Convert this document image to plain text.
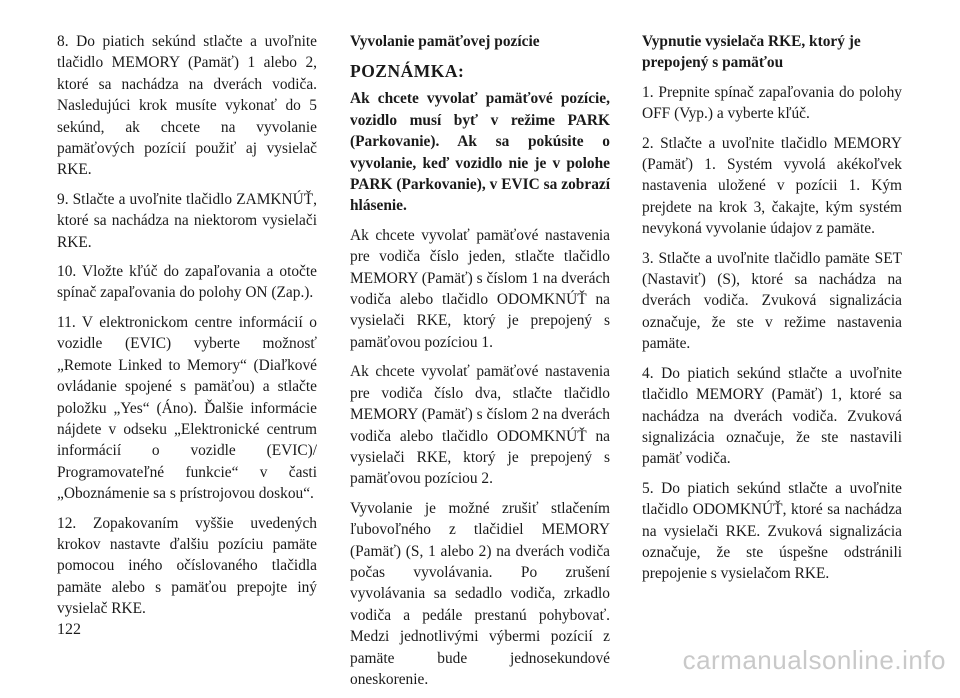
8. Do piatich sekúnd stlačte a uvoľnite tlačidlo MEMORY (Pamäť) 1 alebo 2, ktoré sa nachádza na dverách vodiča. Nasledujúci krok musíte vykonať do 5 sekúnd, ak chcete na vyvolanie pamäťových pozícií použiť aj vysielač RKE.

9. Stlačte a uvoľnite tlačidlo ZAMKNÚŤ, ktoré sa nachádza na niektorom vysielači RKE.

10. Vložte kľúč do zapaľovania a otočte spínač zapaľovania do polohy ON (Zap.).

11. V elektronickom centre informácií o vozidle (EVIC) vyberte možnosť „Remote Linked to Memory“ (Diaľkové ovládanie spojené s pamäťou) a stlačte položku „Yes“ (Áno). Ďalšie informácie nájdete v odseku „Elektronické centrum informácií o vozidle (EVIC)/ Programovateľné funkcie“ v časti „Oboznámenie sa s prístrojovou doskou“.

12. Zopakovaním vyššie uvedených krokov nastavte ďalšiu pozíciu pamäte pomocou iného očíslovaného tlačidla pamäte alebo s pamäťou prepojte iný vysielač RKE.

Vyvolanie pamäťovej pozície
POZNÁMKA:

Ak chcete vyvolať pamäťové pozície, vozidlo musí byť v režime PARK (Parkovanie). Ak sa pokúsite o vyvolanie, keď vozidlo nie je v polohe PARK (Parkovanie), v EVIC sa zobrazí hlásenie.

Ak chcete vyvolať pamäťové nastavenia pre vodiča číslo jeden, stlačte tlačidlo MEMORY (Pamäť) s číslom 1 na dverách vodiča alebo tlačidlo ODOMKNÚŤ na vysielači RKE, ktorý je prepojený s pamäťovou pozíciou 1.

Ak chcete vyvolať pamäťové nastavenia pre vodiča číslo dva, stlačte tlačidlo MEMORY (Pamäť) s číslom 2 na dverách vodiča alebo tlačidlo ODOMKNÚŤ na vysielači RKE, ktorý je prepojený s pamäťovou pozíciou 2.

Vyvolanie je možné zrušiť stlačením ľubovoľného z tlačidiel MEMORY (Pamäť) (S, 1 alebo 2) na dverách vodiča počas vyvolávania. Po zrušení vyvolávania sa sedadlo vodiča, zrkadlo vodiča a pedále prestanú pohybovať. Medzi jednotlivými výbermi pozícií z pamäte bude jednosekundové oneskorenie.

Vypnutie vysielača RKE, ktorý je prepojený s pamäťou

1. Prepnite spínač zapaľovania do polohy OFF (Vyp.) a vyberte kľúč.

2. Stlačte a uvoľnite tlačidlo MEMORY (Pamäť) 1. Systém vyvolá akékoľvek nastavenia uložené v pozícii 1. Kým prejdete na krok 3, čakajte, kým systém nevykoná vyvolanie údajov z pamäte.

3. Stlačte a uvoľnite tlačidlo pamäte SET (Nastaviť) (S), ktoré sa nachádza na dverách vodiča. Zvuková signalizácia označuje, že ste v režime nastavenia pamäte.

4. Do piatich sekúnd stlačte a uvoľnite tlačidlo MEMORY (Pamäť) 1, ktoré sa nachádza na dverách vodiča. Zvuková signalizácia označuje, že ste nastavili pamäť vodiča.

5. Do piatich sekúnd stlačte a uvoľnite tlačidlo ODOMKNÚŤ, ktoré sa nachádza na vysielači RKE. Zvuková signalizácia označuje, že ste úspešne odstránili prepojenie s vysielačom RKE.

122
carmanualsonline.info
